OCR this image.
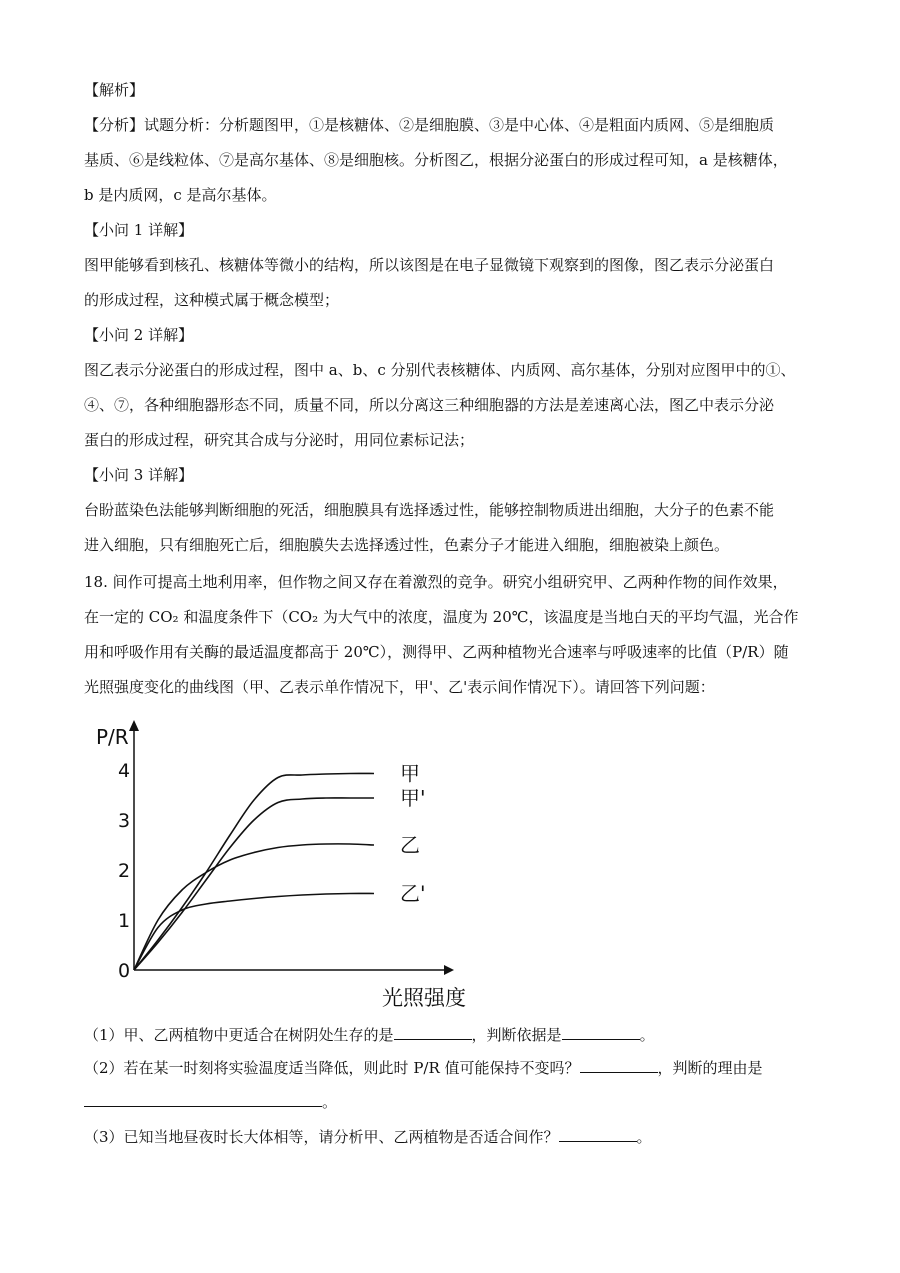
【解析】
【分析】试题分析：分析题图甲，①是核糖体、②是细胞膜、③是中心体、④是粗面内质网、⑤是细胞质
基质、⑥是线粒体、⑦是高尔基体、⑧是细胞核。分析图乙，根据分泌蛋白的形成过程可知，a 是核糖体，
b 是内质网，c 是高尔基体。
【小问 1 详解】
图甲能够看到核孔、核糖体等微小的结构，所以该图是在电子显微镜下观察到的图像，图乙表示分泌蛋白
的形成过程，这种模式属于概念模型；
【小问 2 详解】
图乙表示分泌蛋白的形成过程，图中 a、b、c 分别代表核糖体、内质网、高尔基体，分别对应图甲中的①、
④、⑦，各种细胞器形态不同，质量不同，所以分离这三种细胞器的方法是差速离心法，图乙中表示分泌
蛋白的形成过程，研究其合成与分泌时，用同位素标记法；
【小问 3 详解】
台盼蓝染色法能够判断细胞的死活，细胞膜具有选择透过性，能够控制物质进出细胞，大分子的色素不能
进入细胞，只有细胞死亡后，细胞膜失去选择透过性，色素分子才能进入细胞，细胞被染上颜色。
18. 间作可提高土地利用率，但作物之间又存在着激烈的竞争。研究小组研究甲、乙两种作物的间作效果，
在一定的 CO₂ 和温度条件下（CO₂ 为大气中的浓度，温度为 20℃，该温度是当地白天的平均气温，光合作
用和呼吸作用有关酶的最适温度都高于 20℃），测得甲、乙两种植物光合速率与呼吸速率的比值（P/R）随
光照强度变化的曲线图（甲、乙表示单作情况下，甲'、乙'表示间作情况下）。请回答下列问题：
P/R
光照强度
0
1
2
3
4	甲
甲'
乙
乙'
（1）甲、乙两植物中更适合在树阴处生存的是	，判断依据是	。
（2）若在某一时刻将实验温度适当降低，则此时 P/R 值可能保持不变吗？	，判断的理由是
。
（3）已知当地昼夜时长大体相等，请分析甲、乙两植物是否适合间作？	。
